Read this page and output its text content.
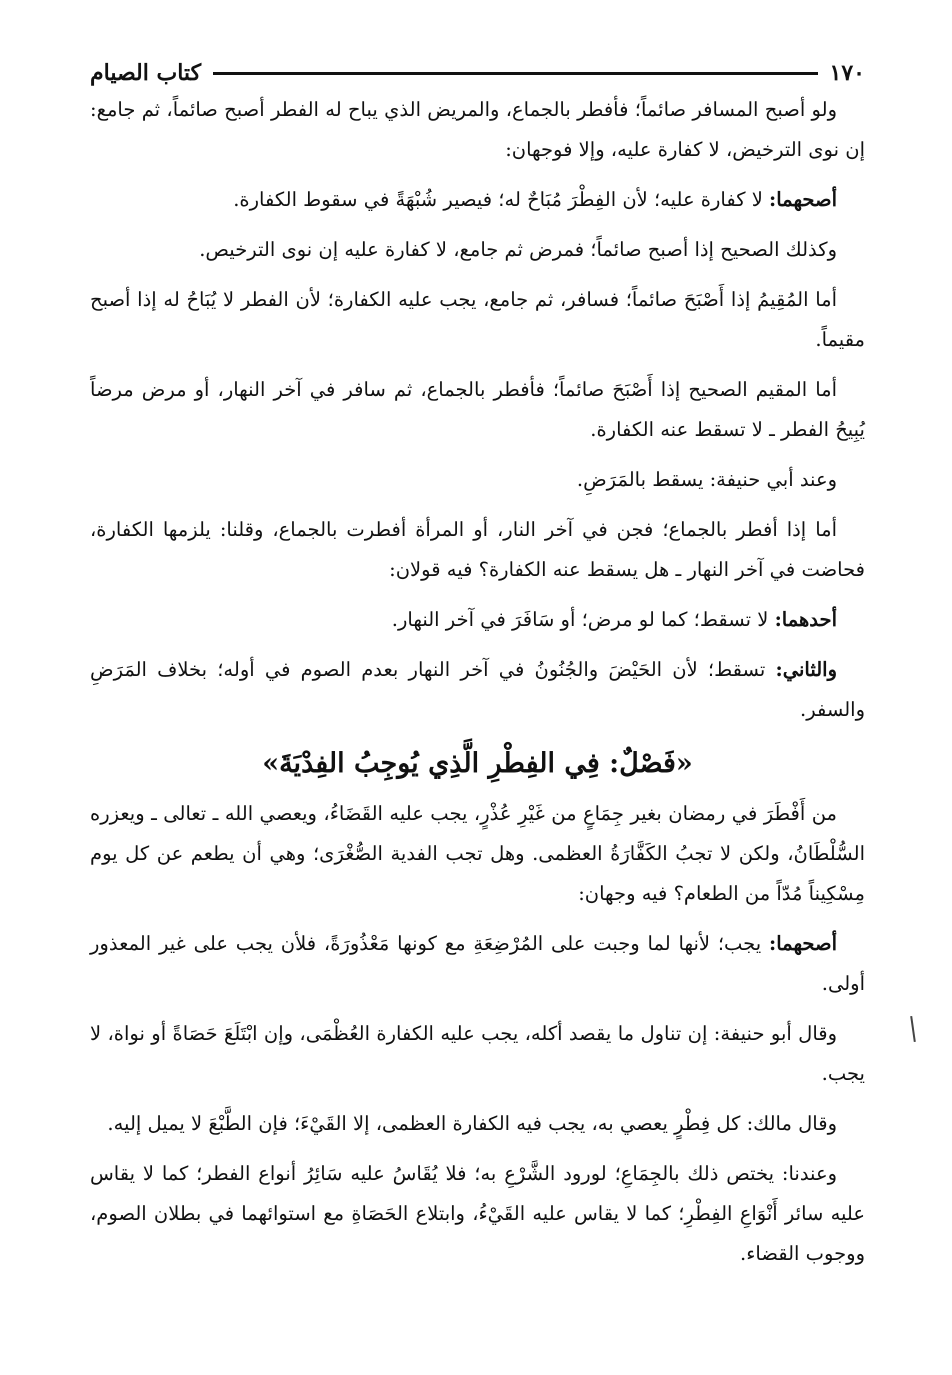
١٧٠
كتاب الصيام

ولو أصبح المسافر صائماً؛ فأفطر بالجماع، والمريض الذي يباح له الفطر أصبح صائماً، ثم جامع: إن نوى الترخيض، لا كفارة عليه، وإلا فوجهان:

أصحهما: لا كفارة عليه؛ لأن الفِطْرَ مُبَاحٌ له؛ فيصير شُبْهَةً في سقوط الكفارة.

وكذلك الصحيح إذا أصبح صائماً؛ فمرض ثم جامع، لا كفارة عليه إن نوى الترخيص.

أما المُقِيمُ إذا أَصْبَحَ صائماً؛ فسافر، ثم جامع، يجب عليه الكفارة؛ لأن الفطر لا يُبَاحُ له إذا أصبح مقيماً.

أما المقيم الصحيح إذا أَصْبَحَ صائماً؛ فأفطر بالجماع، ثم سافر في آخر النهار، أو مرض مرضاً يُبِيحُ الفطر ـ لا تسقط عنه الكفارة.

وعند أبي حنيفة: يسقط بالمَرَضِ.

أما إذا أفطر بالجماع؛ فجن في آخر النار، أو المرأة أفطرت بالجماع، وقلنا: يلزمها الكفارة، فحاضت في آخر النهار ـ هل يسقط عنه الكفارة؟ فيه قولان:

أحدهما: لا تسقط؛ كما لو مرض؛ أو سَافَرَ في آخر النهار.

والثاني: تسقط؛ لأن الحَيْضَ والجُنُونُ في آخر النهار بعدم الصوم في أوله؛ بخلاف المَرَضِ والسفر.

«فَصْلٌ: فِي الفِطْرِ الَّذِي يُوجِبُ الفِدْيَةَ»

من أَفْطَرَ في رمضان بغير جِمَاعٍ من غَيْرِ عُذْرٍ، يجب عليه القَضَاءُ، ويعصي الله ـ تعالى ـ ويعزره السُّلْطَانُ، ولكن لا تجبُ الكَفَّارَةُ العظمى. وهل تجب الفدية الصُّغْرَى؛ وهي أن يطعم عن كل يوم مِسْكِيناً مُدّاً من الطعام؟ فيه وجهان:

أصحهما: يجب؛ لأنها لما وجبت على المُرْضِعَةِ مع كونها مَعْذُورَةً، فلأن يجب على غير المعذور أولى.

وقال أبو حنيفة: إن تناول ما يقصد أكله، يجب عليه الكفارة العُظْمَى، وإن ابْتَلَعَ حَصَاةً أو نواة، لا يجب.

وقال مالك: كل فِطْرٍ يعصي به، يجب فيه الكفارة العظمى، إلا القَيْءَ؛ فإن الطَّبْعَ لا يميل إليه.

وعندنا: يختص ذلك بالجِمَاعِ؛ لورود الشَّرْعِ به؛ فلا يُقَاسُ عليه سَائِرُ أنواع الفطر؛ كما لا يقاس عليه سائر أَنْوَاعِ الفِطْرِ؛ كما لا يقاس عليه القَيْءُ، وابتلاع الحَصَاةِ مع استوائهما في بطلان الصوم، ووجوب القضاء.
